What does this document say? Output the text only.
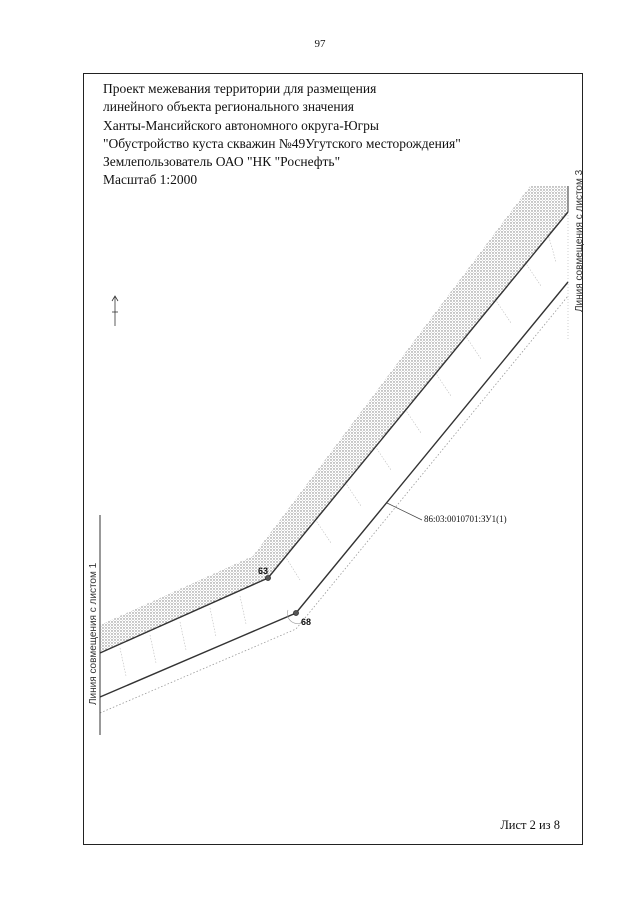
97
Проект межевания территории для размещения
линейного объекта регионального значения
Ханты-Мансийского автономного округа-Югры
"Обустройство куста скважин №49Угутского месторождения"
Землепользователь ОАО "НК "Роснефть"
Масштаб 1:2000
63
68
86:03:0010701:ЗУ1(1)
Линия совмещения с листом 1
Линия совмещения с листом 3
Лист 2 из 8
